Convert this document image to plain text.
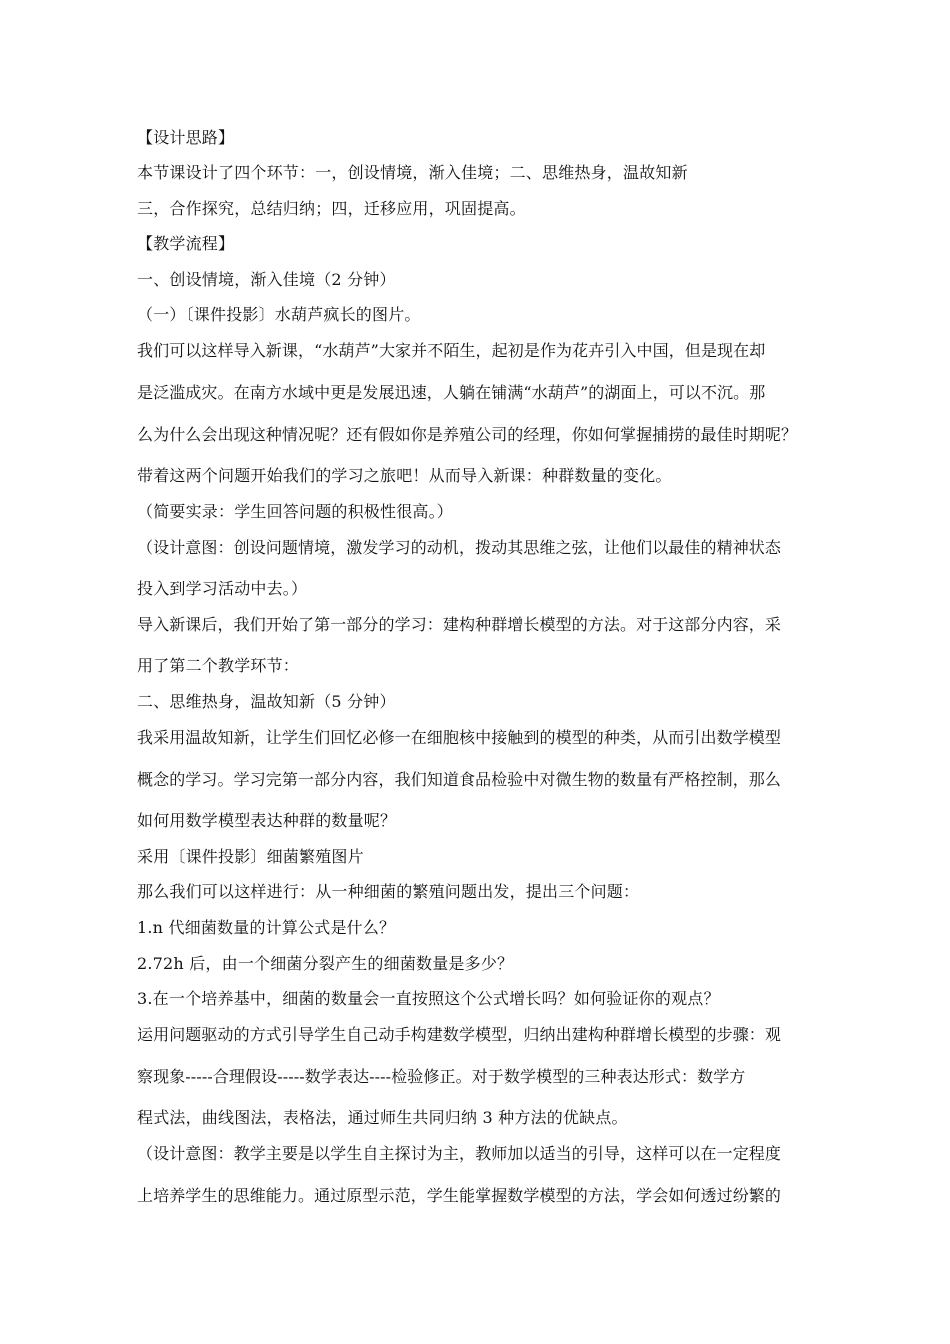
【设计思路】
本节课设计了四个环节：一，创设情境，渐入佳境；二、思维热身，温故知新
三，合作探究，总结归纳；四，迁移应用，巩固提高。
【教学流程】
一、创设情境，渐入佳境（2 分钟）
（一）〔课件投影〕水葫芦疯长的图片。
我们可以这样导入新课，“水葫芦”大家并不陌生，起初是作为花卉引入中国，但是现在却
是泛滥成灾。在南方水域中更是发展迅速，人躺在铺满“水葫芦”的湖面上，可以不沉。那
么为什么会出现这种情况呢？还有假如你是养殖公司的经理，你如何掌握捕捞的最佳时期呢？
带着这两个问题开始我们的学习之旅吧！从而导入新课：种群数量的变化。
（简要实录：学生回答问题的积极性很高。）
（设计意图：创设问题情境，激发学习的动机，拨动其思维之弦，让他们以最佳的精神状态
投入到学习活动中去。）
导入新课后，我们开始了第一部分的学习：建构种群增长模型的方法。对于这部分内容，采
用了第二个教学环节：
二、思维热身，温故知新（5 分钟）
我采用温故知新，让学生们回忆必修一在细胞核中接触到的模型的种类，从而引出数学模型
概念的学习。学习完第一部分内容，我们知道食品检验中对微生物的数量有严格控制，那么
如何用数学模型表达种群的数量呢？
采用〔课件投影〕细菌繁殖图片
那么我们可以这样进行：从一种细菌的繁殖问题出发，提出三个问题：
1.n 代细菌数量的计算公式是什么？
2.72h 后，由一个细菌分裂产生的细菌数量是多少？
3.在一个培养基中，细菌的数量会一直按照这个公式增长吗？如何验证你的观点？
运用问题驱动的方式引导学生自己动手构建数学模型，归纳出建构种群增长模型的步骤：观
察现象-----合理假设-----数学表达----检验修正。对于数学模型的三种表达形式：数学方
程式法，曲线图法，表格法，通过师生共同归纳 3 种方法的优缺点。
（设计意图：教学主要是以学生自主探讨为主，教师加以适当的引导，这样可以在一定程度
上培养学生的思维能力。通过原型示范，学生能掌握数学模型的方法，学会如何透过纷繁的
